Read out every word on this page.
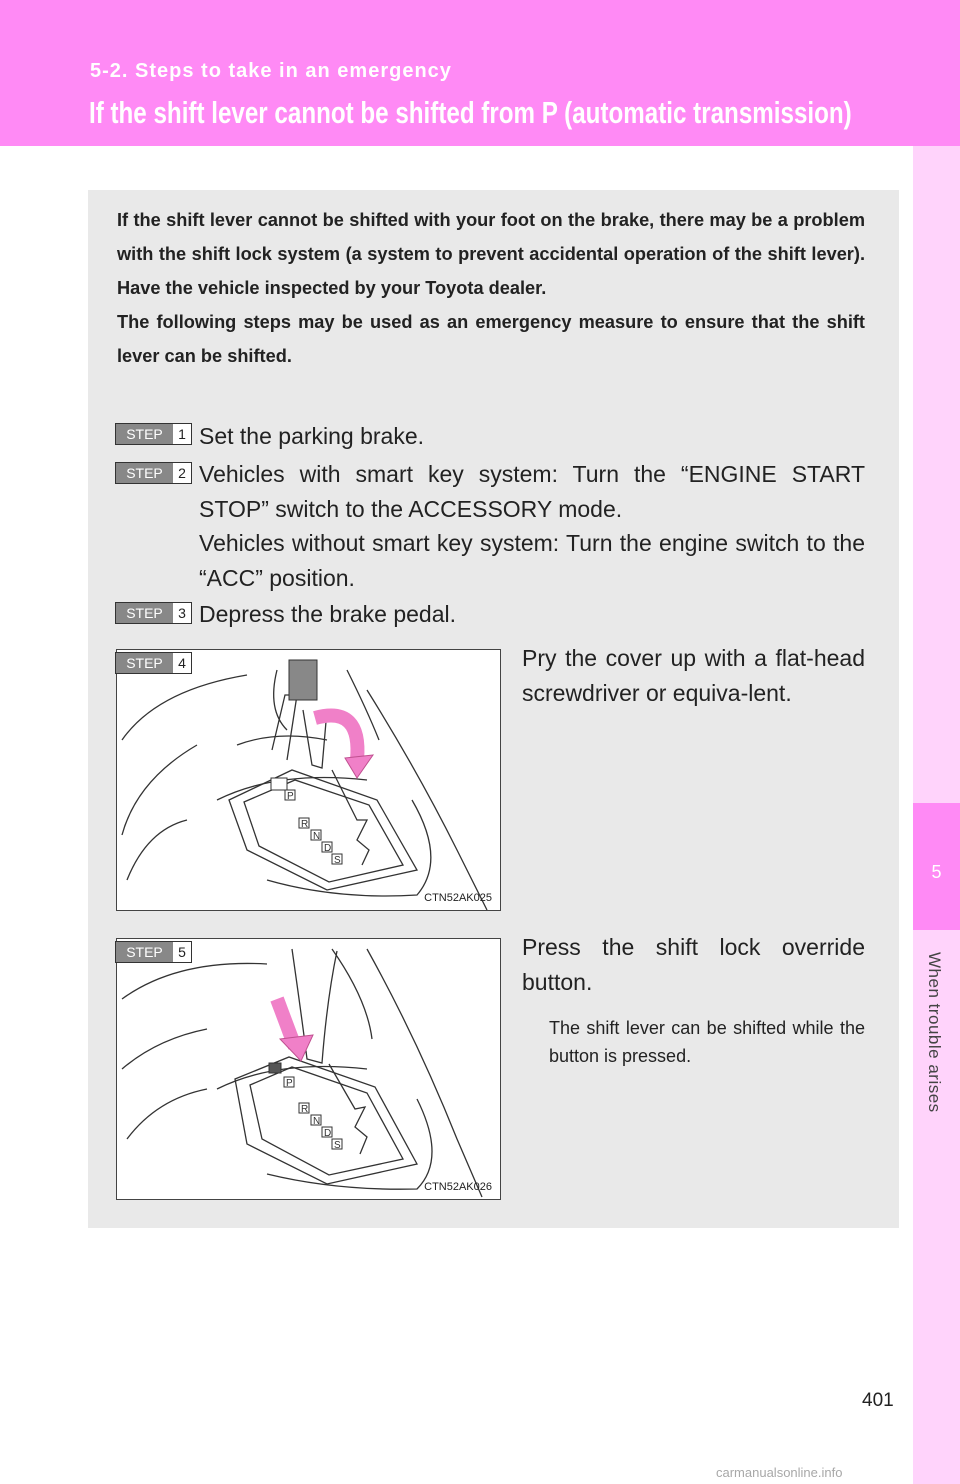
5-2. Steps to take in an emergency
If the shift lever cannot be shifted from P (automatic transmission)
5
When trouble arises

If the shift lever cannot be shifted with your foot on the brake, there may be a problem with the shift lock system (a system to prevent accidental operation of the shift lever). Have the vehicle inspected by your Toyota dealer.

The following steps may be used as an emergency measure to ensure that the shift lever can be shifted.

STEP	1 Set the parking brake.
STEP	2 Vehicles with smart key system: Turn the “ENGINE START STOP” switch to the ACCESSORY mode.
Vehicles without smart key system: Turn the engine switch to the “ACC” position.
STEP	3 Depress the brake pedal.
P
R
N
D
S
CTN52AK025
STEP	4	Pry the cover up with a flat-head screwdriver or equiva-lent.
P
R
N
D
S
CTN52AK026
STEP	5	Press the shift lock override button.
The shift lever can be shifted while the button is pressed.
401
carmanualsonline.info
